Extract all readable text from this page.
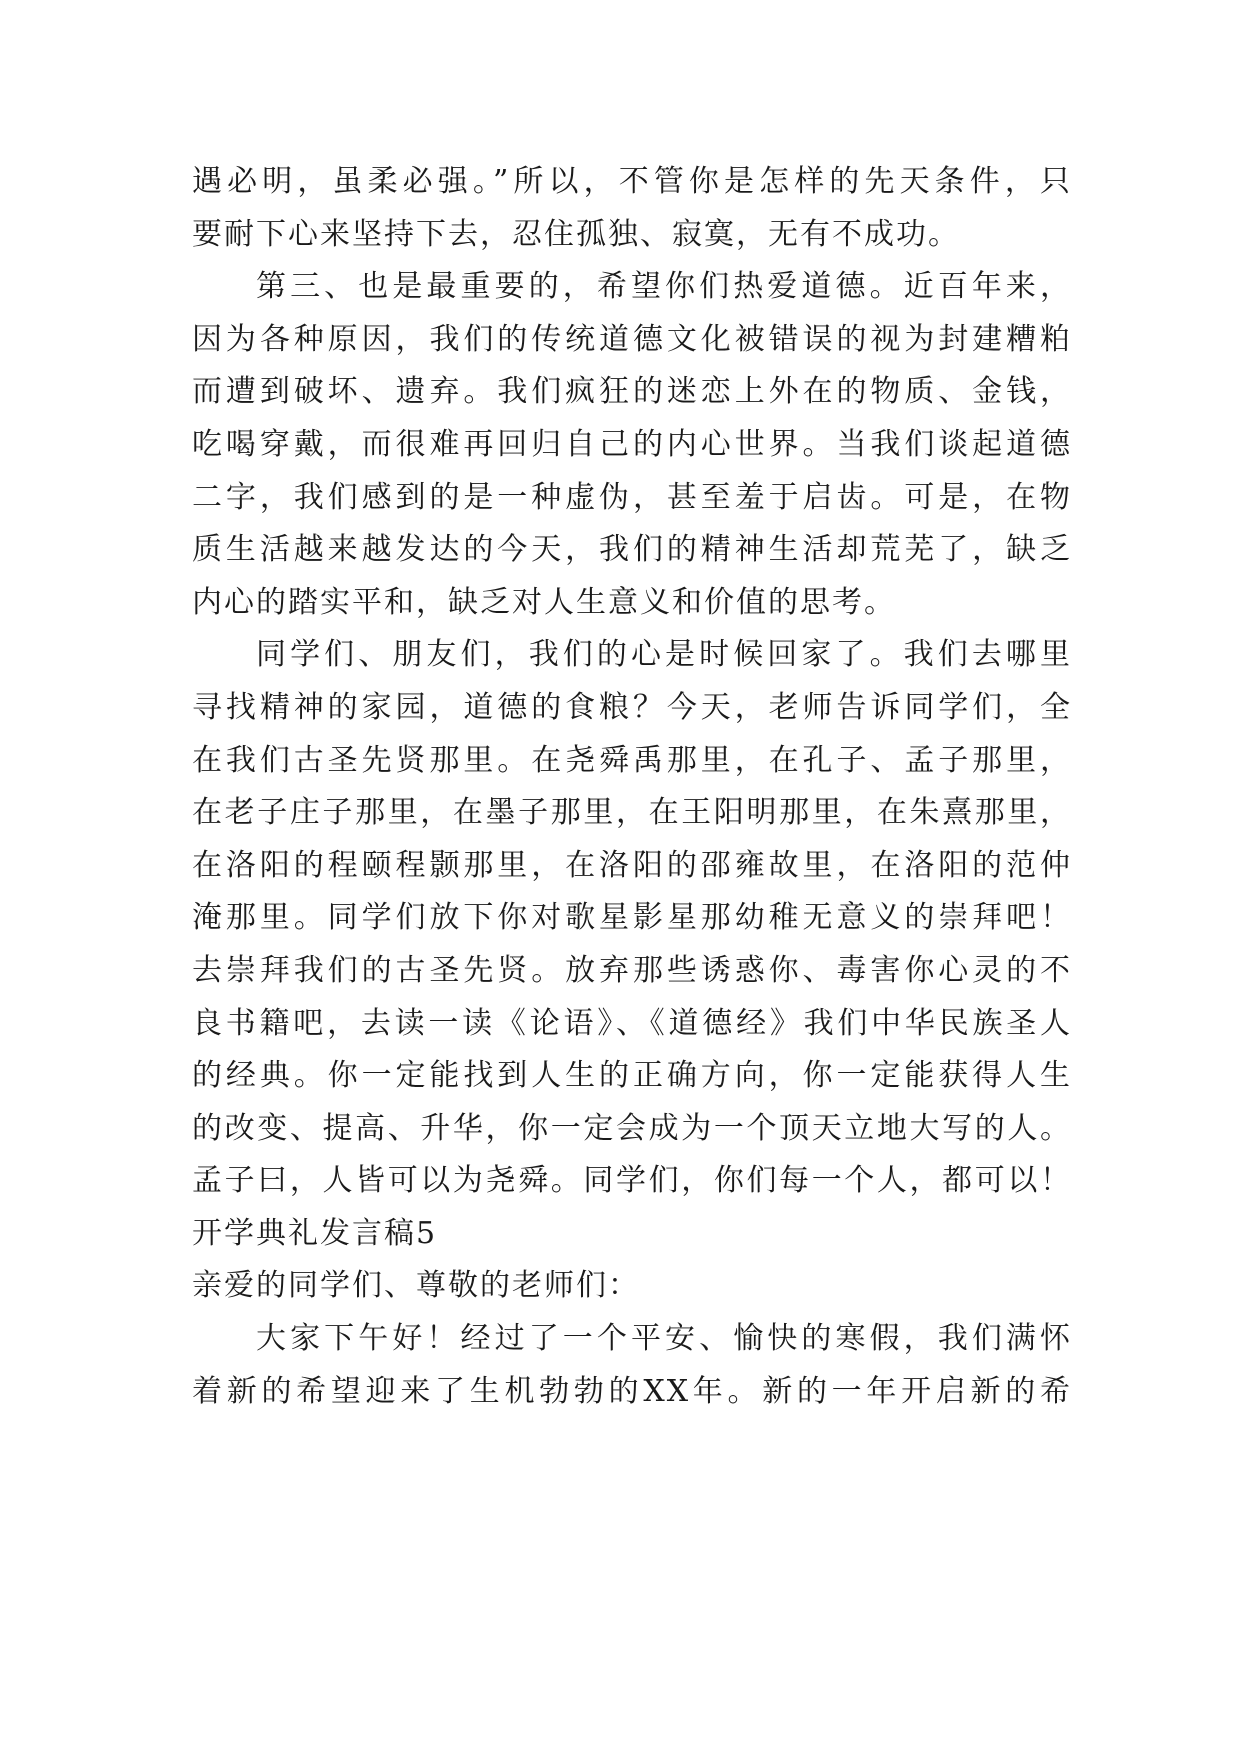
遇必明，虽柔必强。”所以，不管你是怎样的先天条件，只
要耐下心来坚持下去，忍住孤独、寂寞，无有不成功。
第三、也是最重要的，希望你们热爱道德。近百年来，
因为各种原因，我们的传统道德文化被错误的视为封建糟粕
而遭到破坏、遗弃。我们疯狂的迷恋上外在的物质、金钱，
吃喝穿戴，而很难再回归自己的内心世界。当我们谈起道德
二字，我们感到的是一种虚伪，甚至羞于启齿。可是，在物
质生活越来越发达的今天，我们的精神生活却荒芜了，缺乏
内心的踏实平和，缺乏对人生意义和价值的思考。
同学们、朋友们，我们的心是时候回家了。我们去哪里
寻找精神的家园，道德的食粮？今天，老师告诉同学们，全
在我们古圣先贤那里。在尧舜禹那里，在孔子、孟子那里，
在老子庄子那里，在墨子那里，在王阳明那里，在朱熹那里，
在洛阳的程颐程颢那里，在洛阳的邵雍故里，在洛阳的范仲
淹那里。同学们放下你对歌星影星那幼稚无意义的崇拜吧！
去崇拜我们的古圣先贤。放弃那些诱惑你、毒害你心灵的不
良书籍吧，去读一读《论语》、《道德经》我们中华民族圣人
的经典。你一定能找到人生的正确方向，你一定能获得人生
的改变、提高、升华，你一定会成为一个顶天立地大写的人。
孟子曰，人皆可以为尧舜。同学们，你们每一个人，都可以！
开学典礼发言稿5
亲爱的同学们、尊敬的老师们：
大家下午好！经过了一个平安、愉快的寒假，我们满怀
着新的希望迎来了生机勃勃的XX年。新的一年开启新的希
